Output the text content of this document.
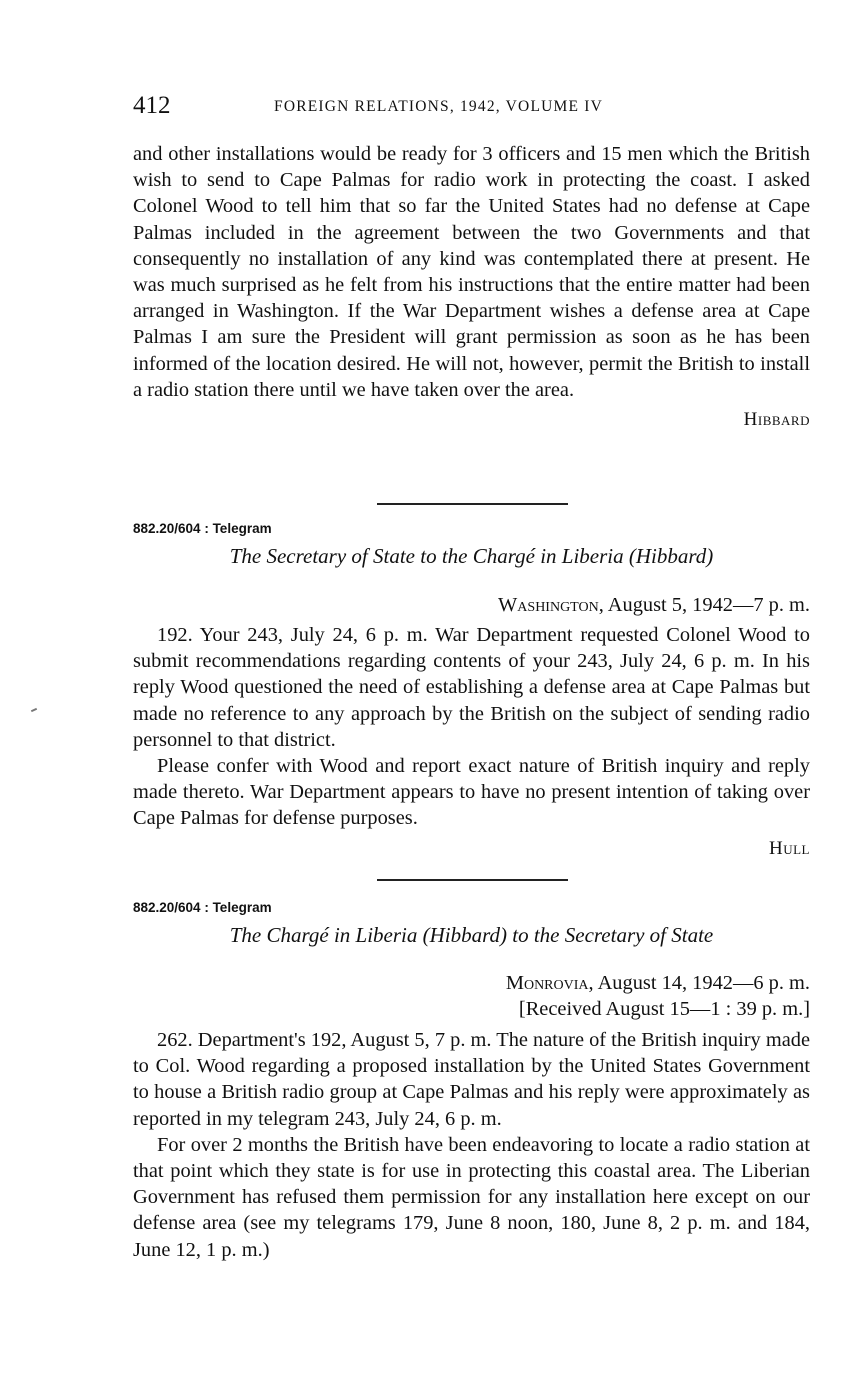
412	FOREIGN RELATIONS, 1942, VOLUME IV

and other installations would be ready for 3 officers and 15 men which the British wish to send to Cape Palmas for radio work in protecting the coast. I asked Colonel Wood to tell him that so far the United States had no defense at Cape Palmas included in the agreement between the two Governments and that consequently no installation of any kind was contemplated there at present. He was much surprised as he felt from his instructions that the entire matter had been arranged in Washington. If the War Department wishes a defense area at Cape Palmas I am sure the President will grant permission as soon as he has been informed of the location desired. He will not, however, permit the British to install a radio station there until we have taken over the area.

Hibbard
882.20/604 : Telegram
The Secretary of State to the Chargé in Liberia (Hibbard)
Washington, August 5, 1942—7 p. m.

192. Your 243, July 24, 6 p. m. War Department requested Colonel Wood to submit recommendations regarding contents of your 243, July 24, 6 p. m. In his reply Wood questioned the need of establishing a defense area at Cape Palmas but made no reference to any approach by the British on the subject of sending radio personnel to that district.

Please confer with Wood and report exact nature of British inquiry and reply made thereto. War Department appears to have no present intention of taking over Cape Palmas for defense purposes.

Hull
882.20/604 : Telegram
The Chargé in Liberia (Hibbard) to the Secretary of State
Monrovia, August 14, 1942—6 p. m.
[Received August 15—1 : 39 p. m.]

262. Department's 192, August 5, 7 p. m. The nature of the British inquiry made to Col. Wood regarding a proposed installation by the United States Government to house a British radio group at Cape Palmas and his reply were approximately as reported in my telegram 243, July 24, 6 p. m.

For over 2 months the British have been endeavoring to locate a radio station at that point which they state is for use in protecting this coastal area. The Liberian Government has refused them permission for any installation here except on our defense area (see my telegrams 179, June 8 noon, 180, June 8, 2 p. m. and 184, June 12, 1 p. m.)
